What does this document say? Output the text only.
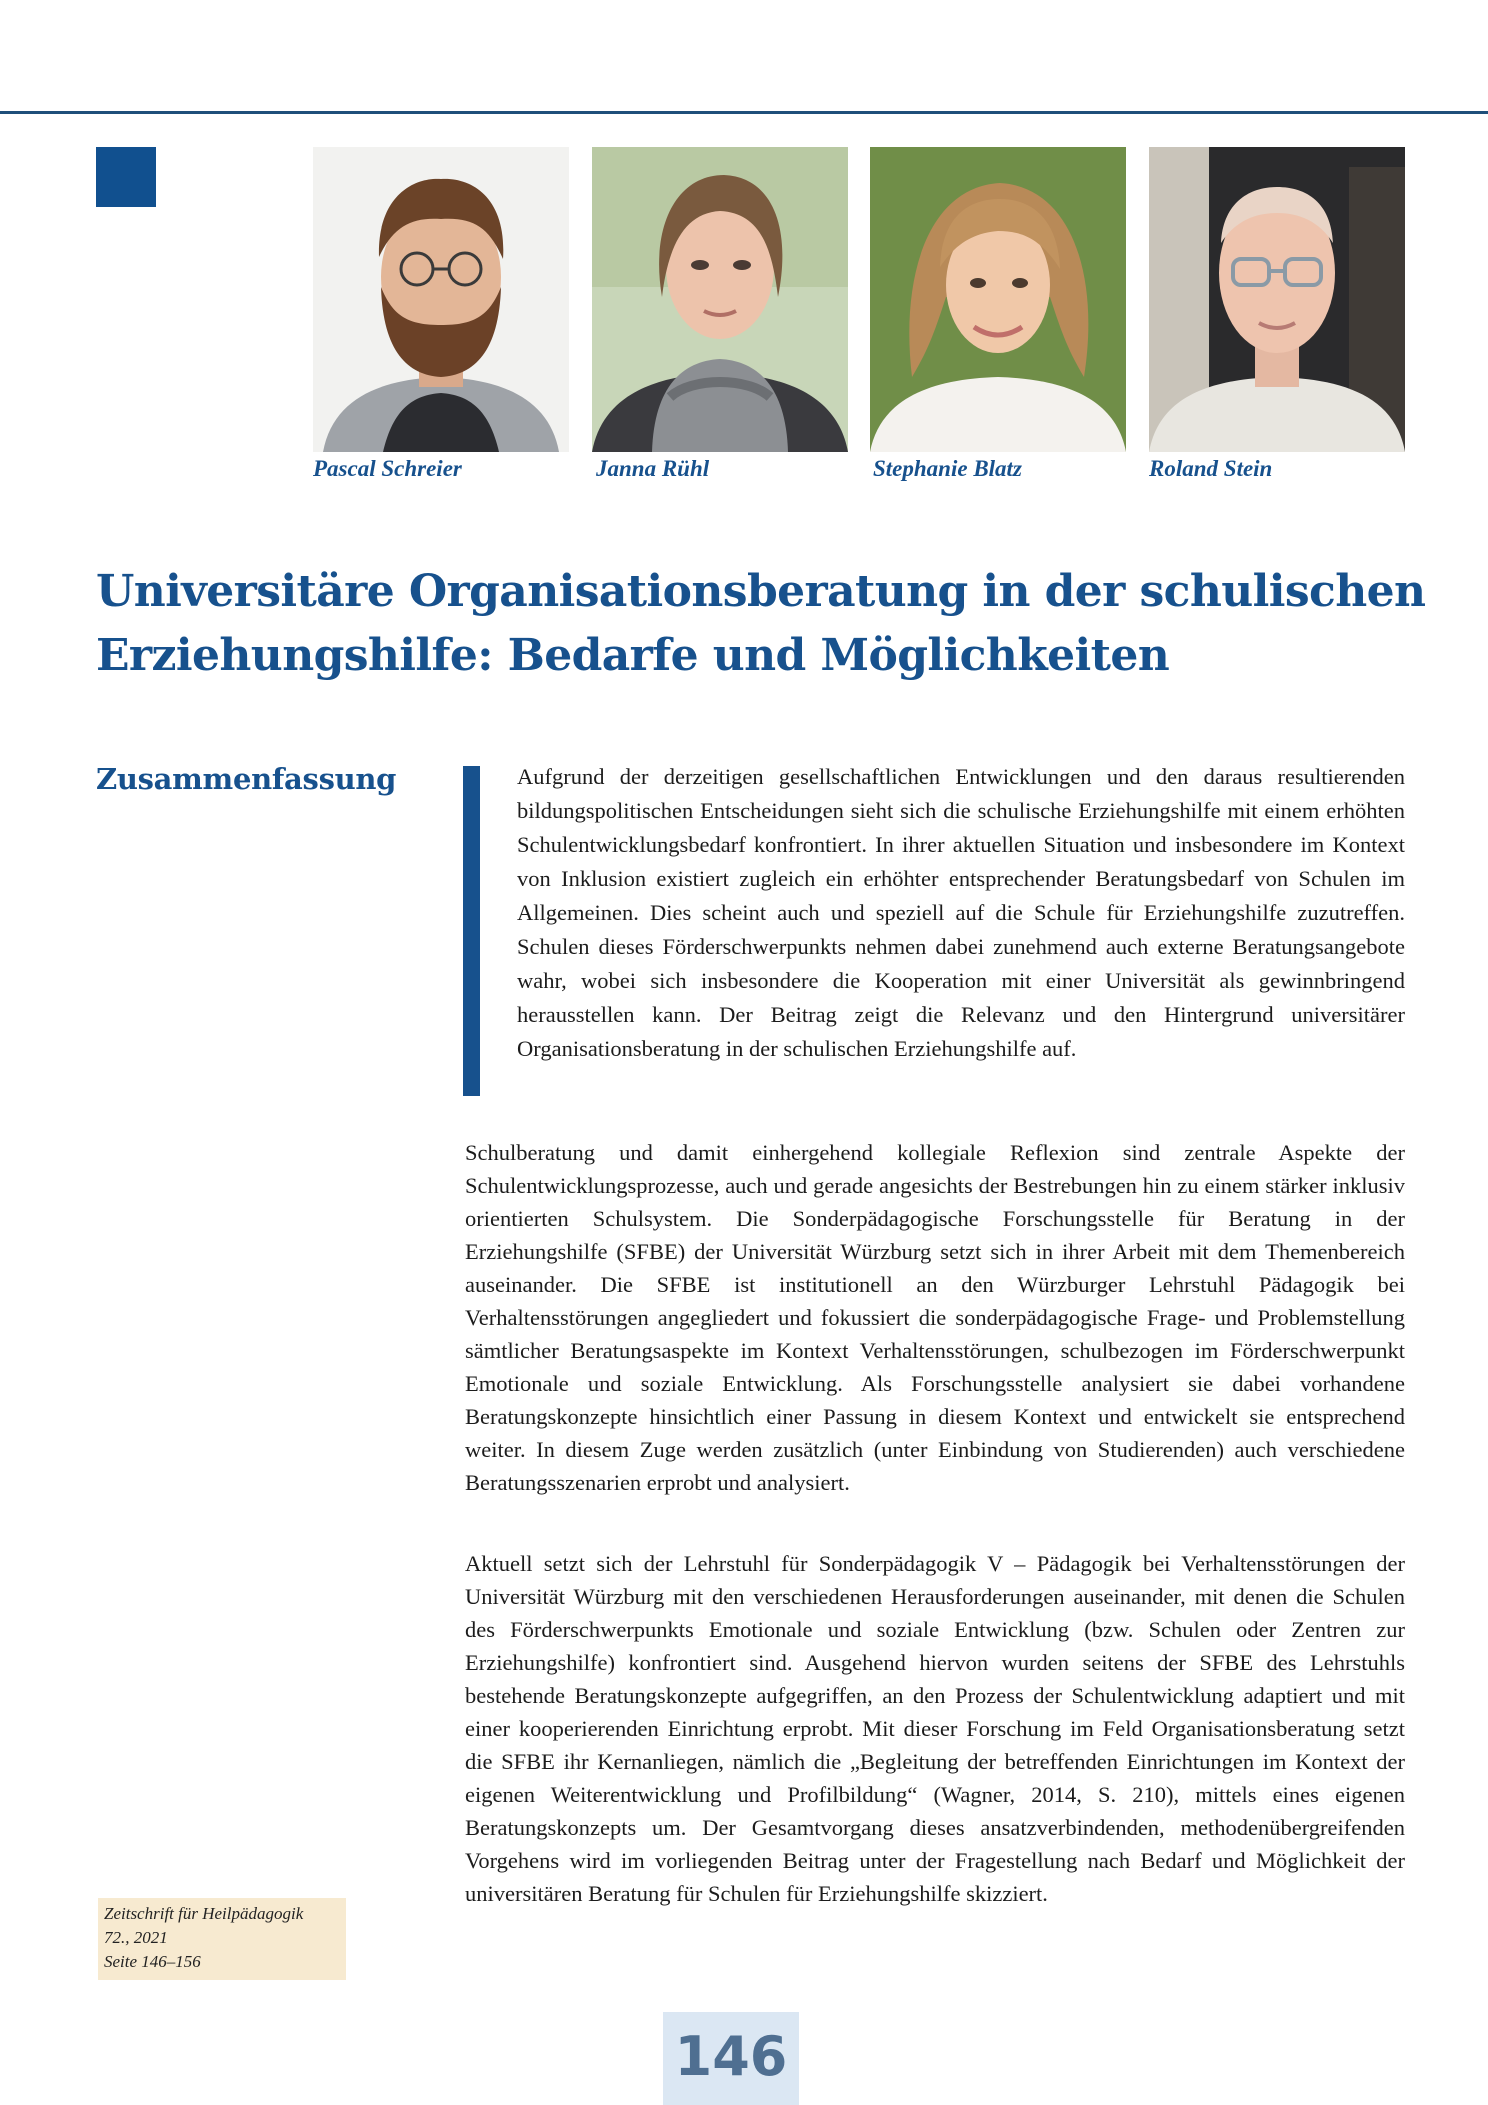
Pascal Schreier	Janna Rühl	Stephanie Blatz	Roland Stein
Universitäre Organisationsberatung in der schulischen
Erziehungshilfe: Bedarfe und Möglichkeiten
Zusammenfassung	Aufgrund der derzeitigen gesellschaftlichen Entwicklungen und den daraus resultierenden bildungspolitischen Entscheidungen sieht sich die schulische Erziehungshilfe mit einem erhöhten Schulentwicklungsbedarf konfrontiert. In ihrer aktuellen Situation und insbesondere im Kontext von Inklusion existiert zugleich ein erhöhter entsprechender Beratungsbedarf von Schulen im Allgemeinen. Dies scheint auch und speziell auf die Schule für Erziehungshilfe zuzutreffen. Schulen dieses Förderschwerpunkts nehmen dabei zunehmend auch externe Beratungsangebote wahr, wobei sich insbesondere die Kooperation mit einer Universität als gewinnbringend herausstellen kann. Der Beitrag zeigt die Relevanz und den Hintergrund universitärer Organisationsberatung in der schulischen Erziehungshilfe auf.

Schulberatung und damit einhergehend kollegiale Reflexion sind zentrale Aspekte der Schulentwicklungsprozesse, auch und gerade angesichts der Bestrebungen hin zu einem stärker inklusiv orientierten Schulsystem. Die Sonderpädagogische Forschungsstelle für Beratung in der Erziehungshilfe (SFBE) der Universität Würzburg setzt sich in ihrer Arbeit mit dem Themenbereich auseinander. Die SFBE ist institutionell an den Würzburger Lehrstuhl Pädagogik bei Verhaltensstörungen angegliedert und fokussiert die sonderpädagogische Frage- und Problemstellung sämtlicher Beratungsaspekte im Kontext Verhaltensstörungen, schulbezogen im Förderschwerpunkt Emotionale und soziale Entwicklung. Als Forschungsstelle analysiert sie dabei vorhandene Beratungskonzepte hinsichtlich einer Passung in diesem Kontext und entwickelt sie entsprechend weiter. In diesem Zuge werden zusätzlich (unter Einbindung von Studierenden) auch verschiedene Beratungsszenarien erprobt und analysiert.

Aktuell setzt sich der Lehrstuhl für Sonderpädagogik V – Pädagogik bei Verhaltensstörungen der Universität Würzburg mit den verschiedenen Herausforderungen auseinander, mit denen die Schulen des Förderschwerpunkts Emotionale und soziale Entwicklung (bzw. Schulen oder Zentren zur Erziehungshilfe) konfrontiert sind. Ausgehend hiervon wurden seitens der SFBE des Lehrstuhls bestehende Beratungskonzepte aufgegriffen, an den Prozess der Schulentwicklung adaptiert und mit einer kooperierenden Einrichtung erprobt. Mit dieser Forschung im Feld Organisationsberatung setzt die SFBE ihr Kernanliegen, nämlich die „Begleitung der betreffenden Einrichtungen im Kontext der eigenen Weiterentwicklung und Profilbildung“ (Wagner, 2014, S. 210), mittels eines eigenen Beratungskonzepts um. Der Gesamtvorgang dieses ansatzverbindenden, methodenübergreifenden Vorgehens wird im vorliegenden Beitrag unter der Fragestellung nach Bedarf und Möglichkeit der universitären Beratung für Schulen für Erziehungshilfe skizziert.

Zeitschrift für Heilpädagogik
72., 2021
Seite 146–156
146
